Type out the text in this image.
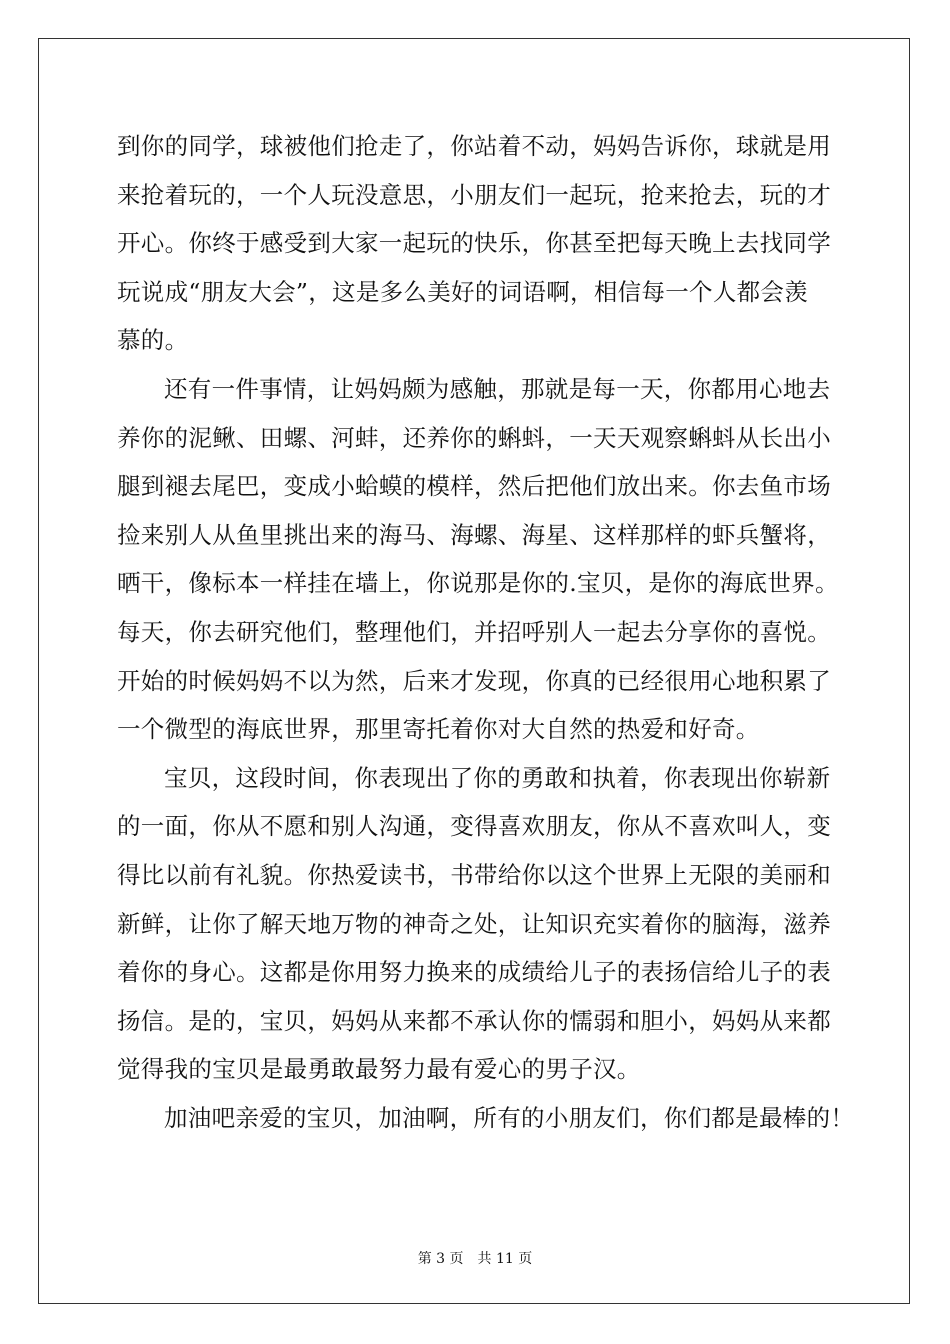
到你的同学，球被他们抢走了，你站着不动，妈妈告诉你，球就是用
来抢着玩的，一个人玩没意思，小朋友们一起玩，抢来抢去，玩的才
开心。你终于感受到大家一起玩的快乐，你甚至把每天晚上去找同学
玩说成“朋友大会”，这是多么美好的词语啊，相信每一个人都会羡
慕的。
还有一件事情，让妈妈颇为感触，那就是每一天，你都用心地去
养你的泥鳅、田螺、河蚌，还养你的蝌蚪，一天天观察蝌蚪从长出小
腿到褪去尾巴，变成小蛤蟆的模样，然后把他们放出来。你去鱼市场
捡来别人从鱼里挑出来的海马、海螺、海星、这样那样的虾兵蟹将，
晒干，像标本一样挂在墙上，你说那是你的.宝贝，是你的海底世界。
每天，你去研究他们，整理他们，并招呼别人一起去分享你的喜悦。
开始的时候妈妈不以为然，后来才发现，你真的已经很用心地积累了
一个微型的海底世界，那里寄托着你对大自然的热爱和好奇。
宝贝，这段时间，你表现出了你的勇敢和执着，你表现出你崭新
的一面，你从不愿和别人沟通，变得喜欢朋友，你从不喜欢叫人，变
得比以前有礼貌。你热爱读书，书带给你以这个世界上无限的美丽和
新鲜，让你了解天地万物的神奇之处，让知识充实着你的脑海，滋养
着你的身心。这都是你用努力换来的成绩给儿子的表扬信给儿子的表
扬信。是的，宝贝，妈妈从来都不承认你的懦弱和胆小，妈妈从来都
觉得我的宝贝是最勇敢最努力最有爱心的男子汉。
加油吧亲爱的宝贝，加油啊，所有的小朋友们，你们都是最棒的！
第 3 页　共 11 页
